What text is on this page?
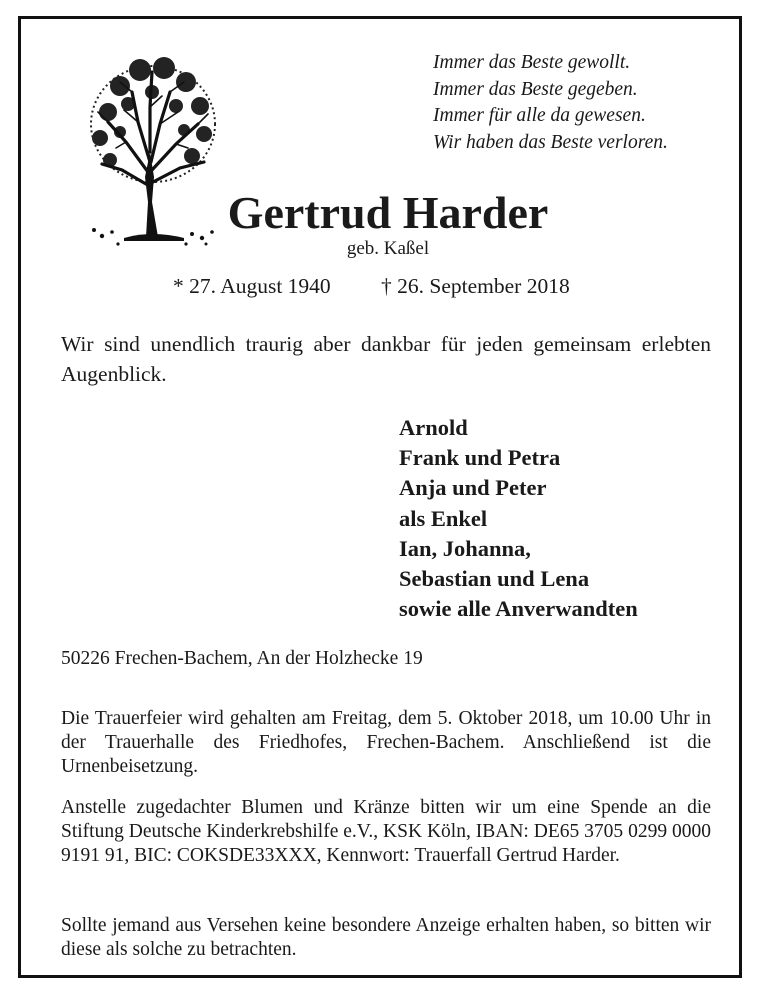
Immer das Beste gewollt.
Immer das Beste gegeben.
Immer für alle da gewesen.
Wir haben das Beste verloren.
Gertrud Harder
geb. Kaßel
* 27. August 1940 † 26. September 2018
Wir sind unendlich traurig aber dankbar für jeden gemeinsam erlebten Augenblick.
Arnold
Frank und Petra
Anja und Peter
als Enkel
Ian, Johanna,
Sebastian und Lena
sowie alle Anverwandten
50226 Frechen-Bachem, An der Holzhecke 19
Die Trauerfeier wird gehalten am Freitag, dem 5. Oktober 2018, um 10.00 Uhr in der Trauerhalle des Friedhofes, Frechen-Bachem. Anschließend ist die Urnenbeisetzung.
Anstelle zugedachter Blumen und Kränze bitten wir um eine Spende an die Stiftung Deutsche Kinderkrebshilfe e.V., KSK Köln, IBAN: DE65 3705 0299 0000 9191 91, BIC: COKSDE33XXX, Kennwort: Trauerfall Gertrud Harder.
Sollte jemand aus Versehen keine besondere Anzeige erhalten haben, so bitten wir diese als solche zu betrachten.
